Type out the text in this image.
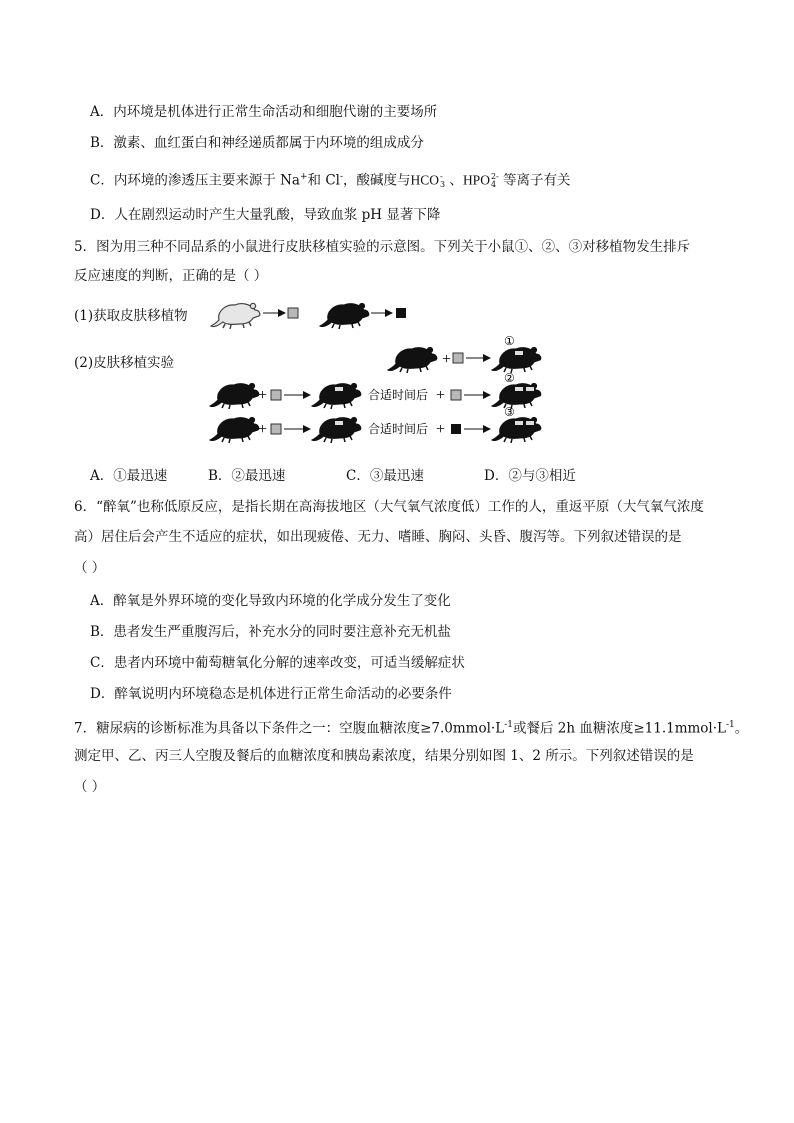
A．内环境是机体进行正常生命活动和细胞代谢的主要场所
B．激素、血红蛋白和神经递质都属于内环境的组成成分
C．内环境的渗透压主要来源于 Na+和 Cl-，酸碱度与HCO -
3 、HPO 2-
4 等离子有关
D．人在剧烈运动时产生大量乳酸，导致血浆 pH 显著下降
5．图为用三种不同品系的小鼠进行皮肤移植实验的示意图。下列关于小鼠①、②、③对移植物发生排斥
反应速度的判断，正确的是（ ）
+
①
+	合适时间后 +
②
+	合适时间后 +
③
(1)获取皮肤移植物
(2)皮肤移植实验
A．①最迅速	B．②最迅速	C．③最迅速	D．②与③相近
6．“醉氧”也称低原反应，是指长期在高海拔地区（大气氧气浓度低）工作的人，重返平原（大气氧气浓度
高）居住后会产生不适应的症状，如出现疲倦、无力、嗜睡、胸闷、头昏、腹泻等。下列叙述错误的是
（ ）
A．醉氧是外界环境的变化导致内环境的化学成分发生了变化
B．患者发生严重腹泻后，补充水分的同时要注意补充无机盐
C．患者内环境中葡萄糖氧化分解的速率改变，可适当缓解症状
D．醉氧说明内环境稳态是机体进行正常生命活动的必要条件
7．糖尿病的诊断标准为具备以下条件之一：空腹血糖浓度$\ge 7.0mmol\cdot L^{-1}$或餐后 2h 血糖浓度$\ge 11.1mmol\cdot L^{-1}$。
测定甲、乙、丙三人空腹及餐后的血糖浓度和胰岛素浓度，结果分别如图 1、2 所示。下列叙述错误的是
（ ）
